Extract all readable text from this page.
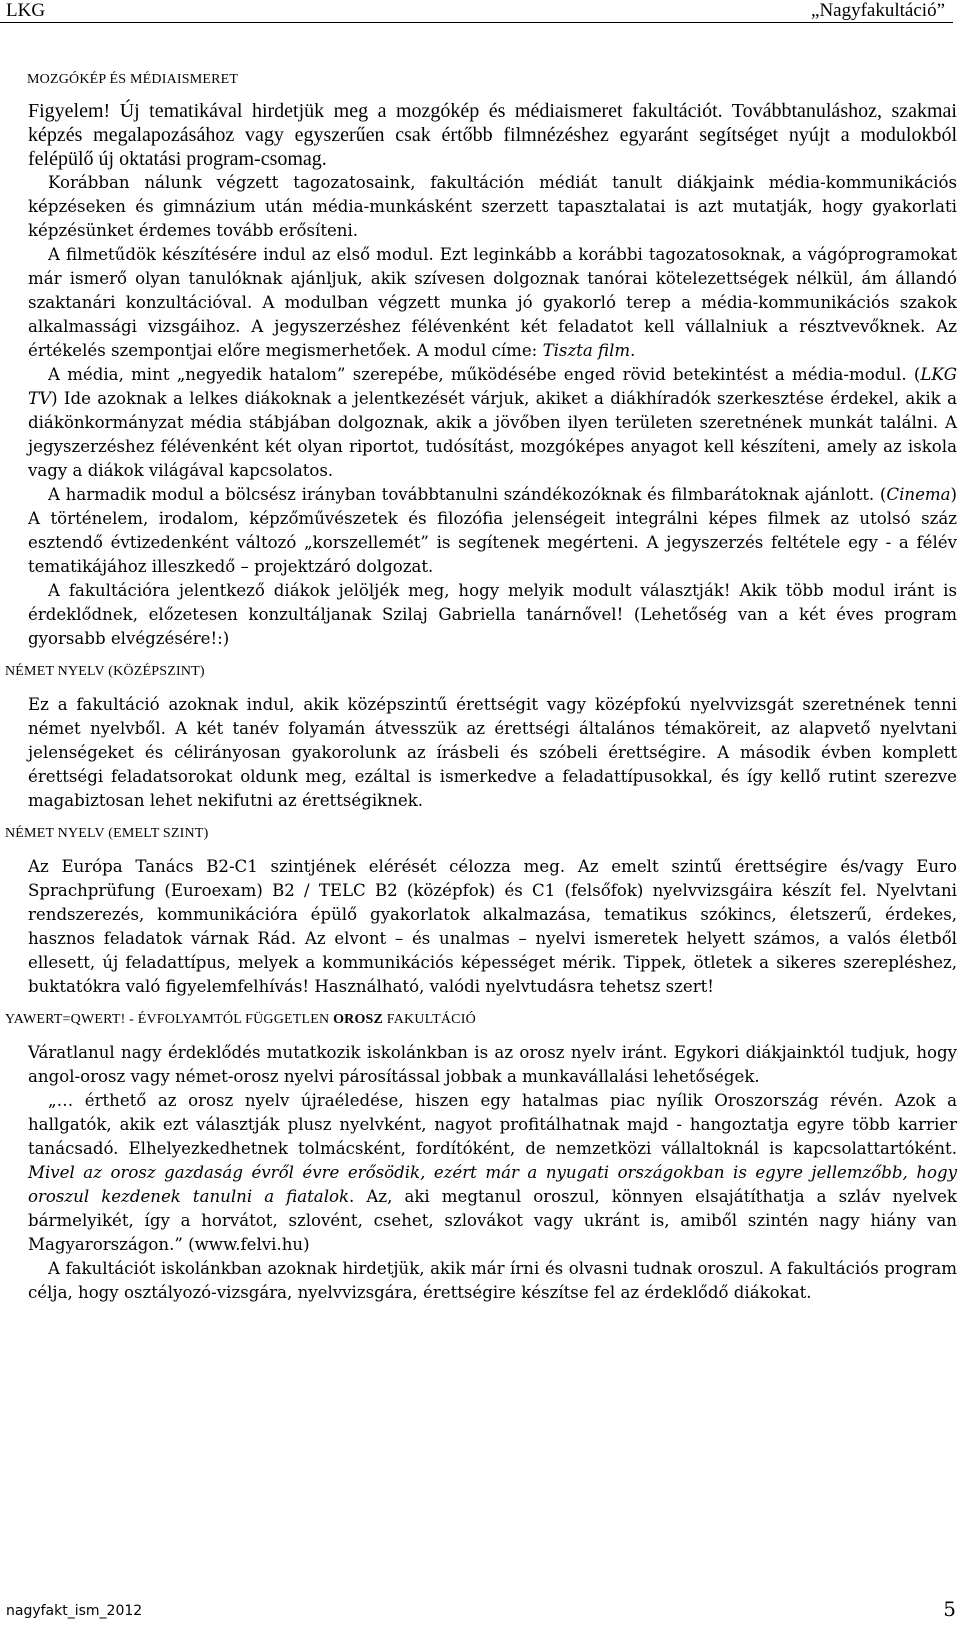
LKG	„Nagyfakultáció”
MOZGÓKÉP ÉS MÉDIAISMERET

Figyelem! Új tematikával hirdetjük meg a mozgókép és médiaismeret fakultációt. Továbbtanuláshoz, szakmai képzés megalapozásához vagy egyszerűen csak értőbb filmnézéshez egyaránt segítséget nyújt a modulokból felépülő új oktatási program-csomag.

Korábban nálunk végzett tagozatosaink, fakultáción médiát tanult diákjaink média-kommunikációs képzéseken és gimnázium után média-munkásként szerzett tapasztalatai is azt mutatják, hogy gyakorlati képzésünket érdemes tovább erősíteni.

A filmetűdök készítésére indul az első modul. Ezt leginkább a korábbi tagozatosoknak, a vágóprogramokat már ismerő olyan tanulóknak ajánljuk, akik szívesen dolgoznak tanórai kötelezettségek nélkül, ám állandó szaktanári konzultációval. A modulban végzett munka jó gyakorló terep a média-kommunikációs szakok alkalmassági vizsgáihoz. A jegyszerzéshez félévenként két feladatot kell vállalniuk a résztvevőknek. Az értékelés szempontjai előre megismerhetőek. A modul címe: Tiszta film.

A média, mint „negyedik hatalom” szerepébe, működésébe enged rövid betekintést a média-modul. (LKG TV) Ide azoknak a lelkes diákoknak a jelentkezését várjuk, akiket a diákhíradók szerkesztése érdekel, akik a diákönkormányzat média stábjában dolgoznak, akik a jövőben ilyen területen szeretnének munkát találni. A jegyszerzéshez félévenként két olyan riportot, tudósítást, mozgóképes anyagot kell készíteni, amely az iskola vagy a diákok világával kapcsolatos.

A harmadik modul a bölcsész irányban továbbtanulni szándékozóknak és filmbarátoknak ajánlott. (Cinema) A történelem, irodalom, képzőművészetek és filozófia jelenségeit integrálni képes filmek az utolsó száz esztendő évtizedenként változó „korszellemét” is segítenek megérteni. A jegyszerzés feltétele egy - a félév tematikájához illeszkedő – projektzáró dolgozat.

A fakultációra jelentkező diákok jelöljék meg, hogy melyik modult választják! Akik több modul iránt is érdeklődnek, előzetesen konzultáljanak Szilaj Gabriella tanárnővel! (Lehetőség van a két éves program gyorsabb elvégzésére!:)

NÉMET NYELV (KÖZÉPSZINT)

Ez a fakultáció azoknak indul, akik középszintű érettségit vagy középfokú nyelvvizsgát szeretnének tenni német nyelvből. A két tanév folyamán átvesszük az érettségi általános témaköreit, az alapvető nyelvtani jelenségeket és célirányosan gyakorolunk az írásbeli és szóbeli érettségire. A második évben komplett érettségi feladatsorokat oldunk meg, ezáltal is ismerkedve a feladattípusokkal, és így kellő rutint szerezve magabiztosan lehet nekifutni az érettségiknek.

NÉMET NYELV (EMELT SZINT)

Az Európa Tanács B2-C1 szintjének elérését célozza meg. Az emelt szintű érettségire és/vagy Euro Sprachprüfung (Euroexam) B2 / TELC B2 (középfok) és C1 (felsőfok) nyelvvizsgáira készít fel. Nyelvtani rendszerezés, kommunikációra épülő gyakorlatok alkalmazása, tematikus szókincs, életszerű, érdekes, hasznos feladatok várnak Rád. Az elvont – és unalmas – nyelvi ismeretek helyett számos, a valós életből ellesett, új feladattípus, melyek a kommunikációs képességet mérik. Tippek, ötletek a sikeres szerepléshez, buktatókra való figyelemfelhívás! Használható, valódi nyelvtudásra tehetsz szert!

YAWERT=QWERT! - ÉVFOLYAMTÓL FÜGGETLEN OROSZ FAKULTÁCIÓ

Váratlanul nagy érdeklődés mutatkozik iskolánkban is az orosz nyelv iránt. Egykori diákjainktól tudjuk, hogy angol-orosz vagy német-orosz nyelvi párosítással jobbak a munkavállalási lehetőségek.

„… érthető az orosz nyelv újraéledése, hiszen egy hatalmas piac nyílik Oroszország révén. Azok a hallgatók, akik ezt választják plusz nyelvként, nagyot profitálhatnak majd - hangoztatja egyre több karrier tanácsadó. Elhelyezkedhetnek tolmácsként, fordítóként, de nemzetközi vállaltoknál is kapcsolattartóként. Mivel az orosz gazdaság évről évre erősödik, ezért már a nyugati országokban is egyre jellemzőbb, hogy oroszul kezdenek tanulni a fiatalok. Az, aki megtanul oroszul, könnyen elsajátíthatja a szláv nyelvek bármelyikét, így a horvátot, szlovént, csehet, szlovákot vagy ukránt is, amiből szintén nagy hiány van Magyarországon.” (www.felvi.hu)

A fakultációt iskolánkban azoknak hirdetjük, akik már írni és olvasni tudnak oroszul. A fakultációs program célja, hogy osztályozó-vizsgára, nyelvvizsgára, érettségire készítse fel az érdeklődő diákokat.

nagyfakt_ism_2012	5
